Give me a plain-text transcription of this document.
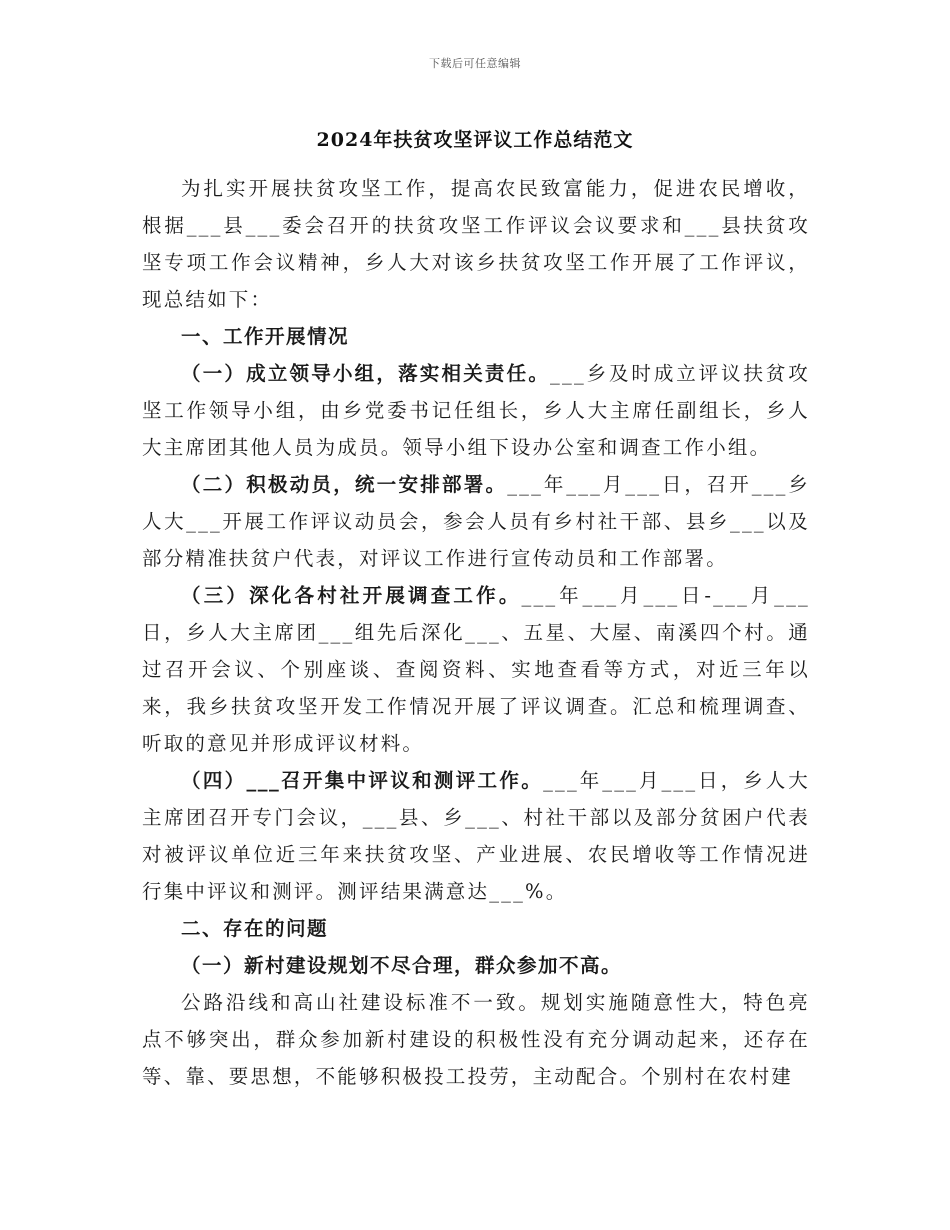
下载后可任意编辑
2024年扶贫攻坚评议工作总结范文

为扎实开展扶贫攻坚工作，提高农民致富能力，促进农民增收，根据___县___委会召开的扶贫攻坚工作评议会议要求和___县扶贫攻坚专项工作会议精神，乡人大对该乡扶贫攻坚工作开展了工作评议，现总结如下：

一、工作开展情况

（一）成立领导小组，落实相关责任。___乡及时成立评议扶贫攻坚工作领导小组，由乡党委书记任组长，乡人大主席任副组长，乡人大主席团其他人员为成员。领导小组下设办公室和调查工作小组。

（二）积极动员，统一安排部署。___年___月___日，召开___乡人大___开展工作评议动员会，参会人员有乡村社干部、县乡___以及部分精准扶贫户代表，对评议工作进行宣传动员和工作部署。

（三）深化各村社开展调查工作。___年___月___日-___月___日，乡人大主席团___组先后深化___、五星、大屋、南溪四个村。通过召开会议、个别座谈、查阅资料、实地查看等方式，对近三年以来，我乡扶贫攻坚开发工作情况开展了评议调查。汇总和梳理调查、听取的意见并形成评议材料。

（四）___召开集中评议和测评工作。___年___月___日，乡人大主席团召开专门会议，___县、乡___、村社干部以及部分贫困户代表对被评议单位近三年来扶贫攻坚、产业进展、农民增收等工作情况进行集中评议和测评。测评结果满意达___%。

二、存在的问题

（一）新村建设规划不尽合理，群众参加不高。

公路沿线和高山社建设标准不一致。规划实施随意性大，特色亮点不够突出，群众参加新村建设的积极性没有充分调动起来，还存在等、靠、要思想，不能够积极投工投劳，主动配合。个别村在农村建
